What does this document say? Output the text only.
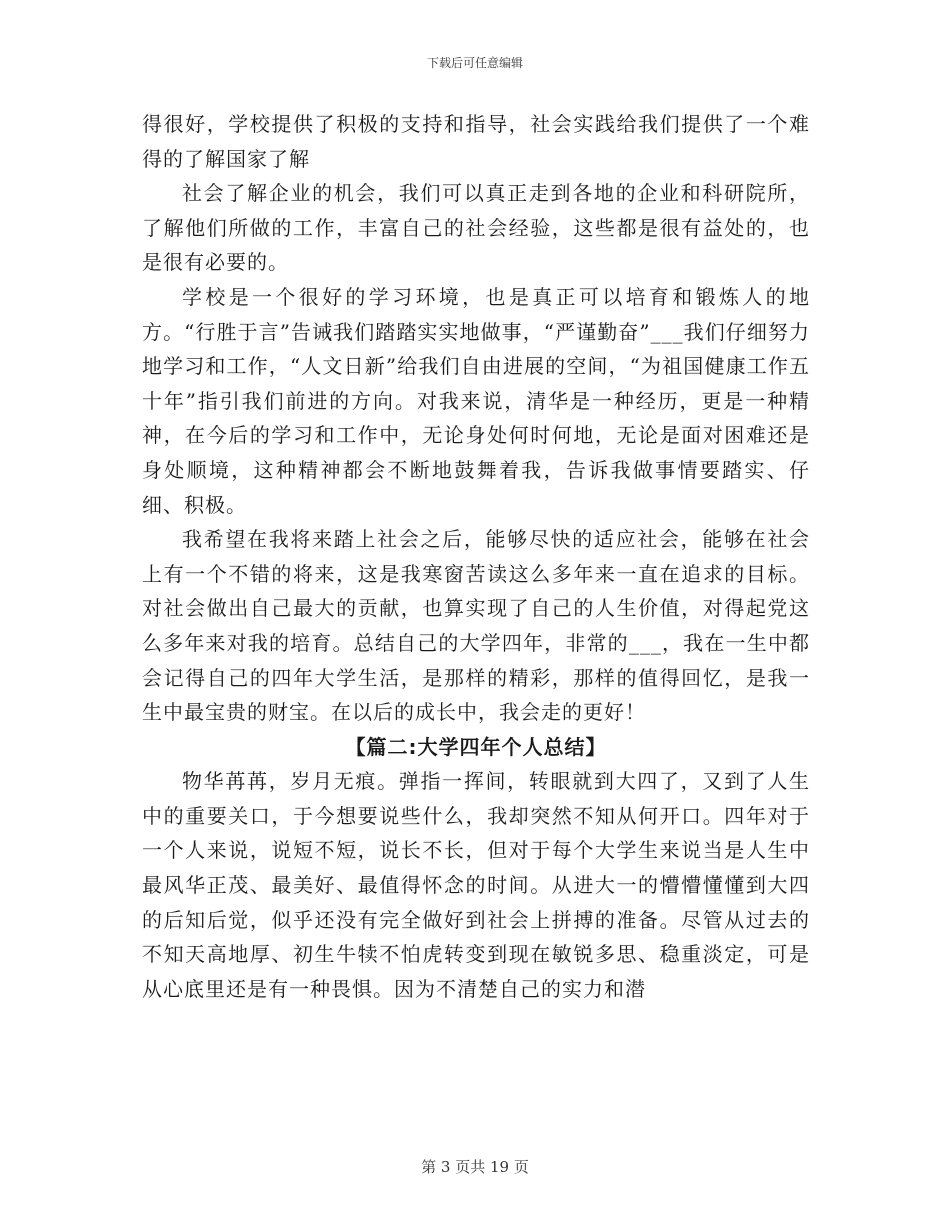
下载后可任意编辑

得很好，学校提供了积极的支持和指导，社会实践给我们提供了一个难得的了解国家了解

社会了解企业的机会，我们可以真正走到各地的企业和科研院所，了解他们所做的工作，丰富自己的社会经验，这些都是很有益处的，也是很有必要的。

学校是一个很好的学习环境，也是真正可以培育和锻炼人的地方。“行胜于言”告诫我们踏踏实实地做事，“严谨勤奋”___我们仔细努力地学习和工作，“人文日新”给我们自由进展的空间，“为祖国健康工作五十年”指引我们前进的方向。对我来说，清华是一种经历，更是一种精神，在今后的学习和工作中，无论身处何时何地，无论是面对困难还是身处顺境，这种精神都会不断地鼓舞着我，告诉我做事情要踏实、仔细、积极。

我希望在我将来踏上社会之后，能够尽快的适应社会，能够在社会上有一个不错的将来，这是我寒窗苦读这么多年来一直在追求的目标。对社会做出自己最大的贡献，也算实现了自己的人生价值，对得起党这么多年来对我的培育。总结自己的大学四年，非常的___，我在一生中都会记得自己的四年大学生活，是那样的精彩，那样的值得回忆，是我一生中最宝贵的财宝。在以后的成长中，我会走的更好！

【篇二:大学四年个人总结】

物华苒苒，岁月无痕。弹指一挥间，转眼就到大四了，又到了人生中的重要关口，于今想要说些什么，我却突然不知从何开口。四年对于一个人来说，说短不短，说长不长，但对于每个大学生来说当是人生中最风华正茂、最美好、最值得怀念的时间。从进大一的懵懵懂懂到大四的后知后觉，似乎还没有完全做好到社会上拼搏的准备。尽管从过去的不知天高地厚、初生牛犊不怕虎转变到现在敏锐多思、稳重淡定，可是从心底里还是有一种畏惧。因为不清楚自己的实力和潜

第 3 页共 19 页
